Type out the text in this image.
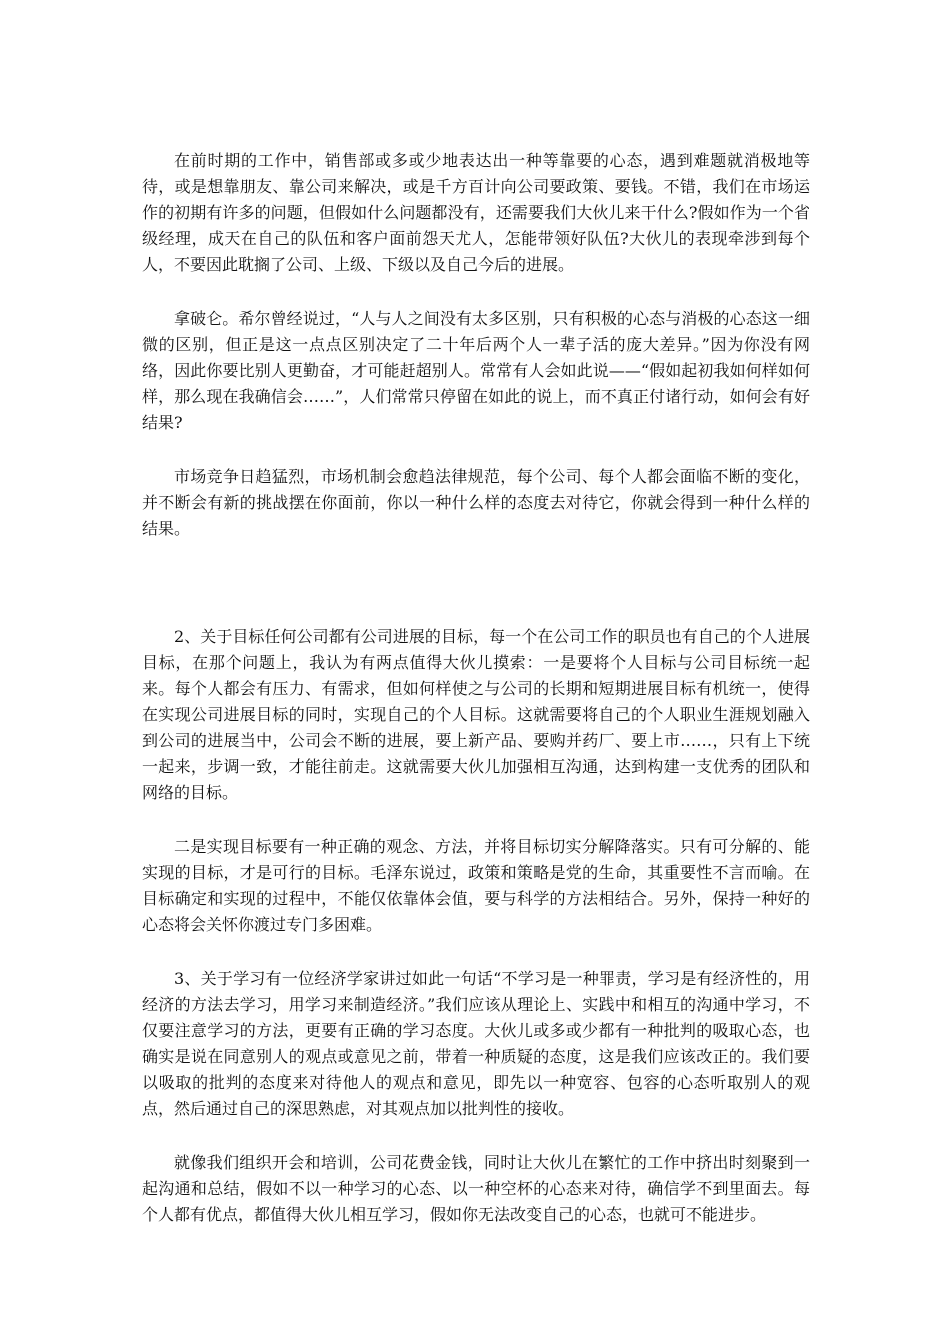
在前时期的工作中，销售部或多或少地表达出一种等靠要的心态，遇到难题就消极地等待，或是想靠朋友、靠公司来解决，或是千方百计向公司要政策、要钱。不错，我们在市场运作的初期有许多的问题，但假如什么问题都没有，还需要我们大伙儿来干什么?假如作为一个省级经理，成天在自己的队伍和客户面前怨天尤人，怎能带领好队伍?大伙儿的表现牵涉到每个人，不要因此耽搁了公司、上级、下级以及自己今后的进展。

拿破仑。希尔曾经说过，“人与人之间没有太多区别，只有积极的心态与消极的心态这一细微的区别，但正是这一点点区别决定了二十年后两个人一辈子活的庞大差异。”因为你没有网络，因此你要比别人更勤奋，才可能赶超别人。常常有人会如此说——“假如起初我如何样如何样，那么现在我确信会……”，人们常常只停留在如此的说上，而不真正付诸行动，如何会有好结果?

市场竞争日趋猛烈，市场机制会愈趋法律规范，每个公司、每个人都会面临不断的变化，并不断会有新的挑战摆在你面前，你以一种什么样的态度去对待它，你就会得到一种什么样的结果。

2、关于目标任何公司都有公司进展的目标，每一个在公司工作的职员也有自己的个人进展目标，在那个问题上，我认为有两点值得大伙儿摸索：一是要将个人目标与公司目标统一起来。每个人都会有压力、有需求，但如何样使之与公司的长期和短期进展目标有机统一，使得在实现公司进展目标的同时，实现自己的个人目标。这就需要将自己的个人职业生涯规划融入到公司的进展当中，公司会不断的进展，要上新产品、要购并药厂、要上市……，只有上下统一起来，步调一致，才能往前走。这就需要大伙儿加强相互沟通，达到构建一支优秀的团队和网络的目标。

二是实现目标要有一种正确的观念、方法，并将目标切实分解降落实。只有可分解的、能实现的目标，才是可行的目标。毛泽东说过，政策和策略是党的生命，其重要性不言而喻。在目标确定和实现的过程中，不能仅依靠体会值，要与科学的方法相结合。另外，保持一种好的心态将会关怀你渡过专门多困难。

3、关于学习有一位经济学家讲过如此一句话“不学习是一种罪责，学习是有经济性的，用经济的方法去学习，用学习来制造经济。”我们应该从理论上、实践中和相互的沟通中学习，不仅要注意学习的方法，更要有正确的学习态度。大伙儿或多或少都有一种批判的吸取心态，也确实是说在同意别人的观点或意见之前，带着一种质疑的态度，这是我们应该改正的。我们要以吸取的批判的态度来对待他人的观点和意见，即先以一种宽容、包容的心态听取别人的观点，然后通过自己的深思熟虑，对其观点加以批判性的接收。

就像我们组织开会和培训，公司花费金钱，同时让大伙儿在繁忙的工作中挤出时刻聚到一起沟通和总结，假如不以一种学习的心态、以一种空杯的心态来对待，确信学不到里面去。每个人都有优点，都值得大伙儿相互学习，假如你无法改变自己的心态，也就可不能进步。
